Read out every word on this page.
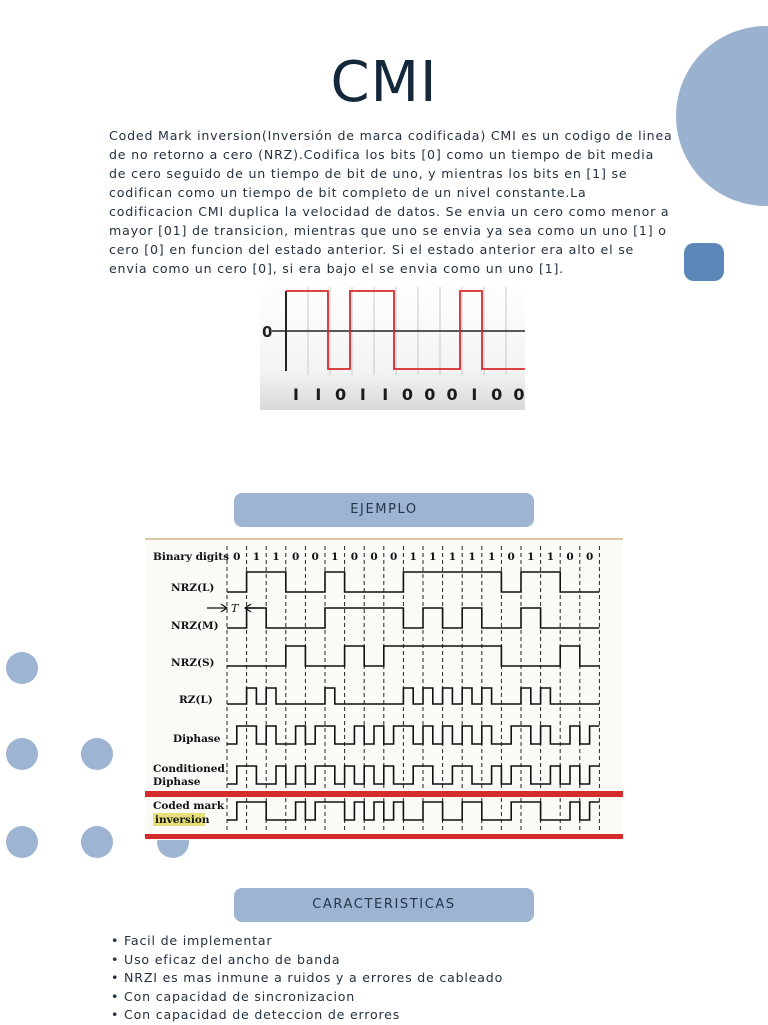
CMI

Coded Mark inversion(Inversión de marca codificada) CMI es un codigo de linea de no retorno a cero (NRZ).Codifica los bits [0] como un tiempo de bit media de cero seguido de un tiempo de bit de uno, y mientras los bits en [1] se codifican como un tiempo de bit completo de un nivel constante.La codificacion CMI duplica la velocidad de datos. Se envia un cero como menor a mayor [01] de transicion, mientras que uno se envia ya sea como un uno [1] o cero [0] en funcion del estado anterior. Si el estado anterior era alto el se envia como un cero [0], si era bajo el se envia como un uno [1].

0
I I 0 I I 0 0 0 I 0 0
EJEMPLO
Binary digits
NRZ(L)
NRZ(M)
NRZ(S)
RZ(L)
Diphase
Conditioned
Diphase
Coded mark
inversion
0 1 1 0 0 1 0 0 0 1 1 1 1 1 0 1 1 0 0
T
CARACTERISTICAS
• Facil de implementar
• Uso eficaz del ancho de banda
• NRZI es mas inmune a ruidos y a errores de cableado
• Con capacidad de sincronizacion
• Con capacidad de deteccion de errores
